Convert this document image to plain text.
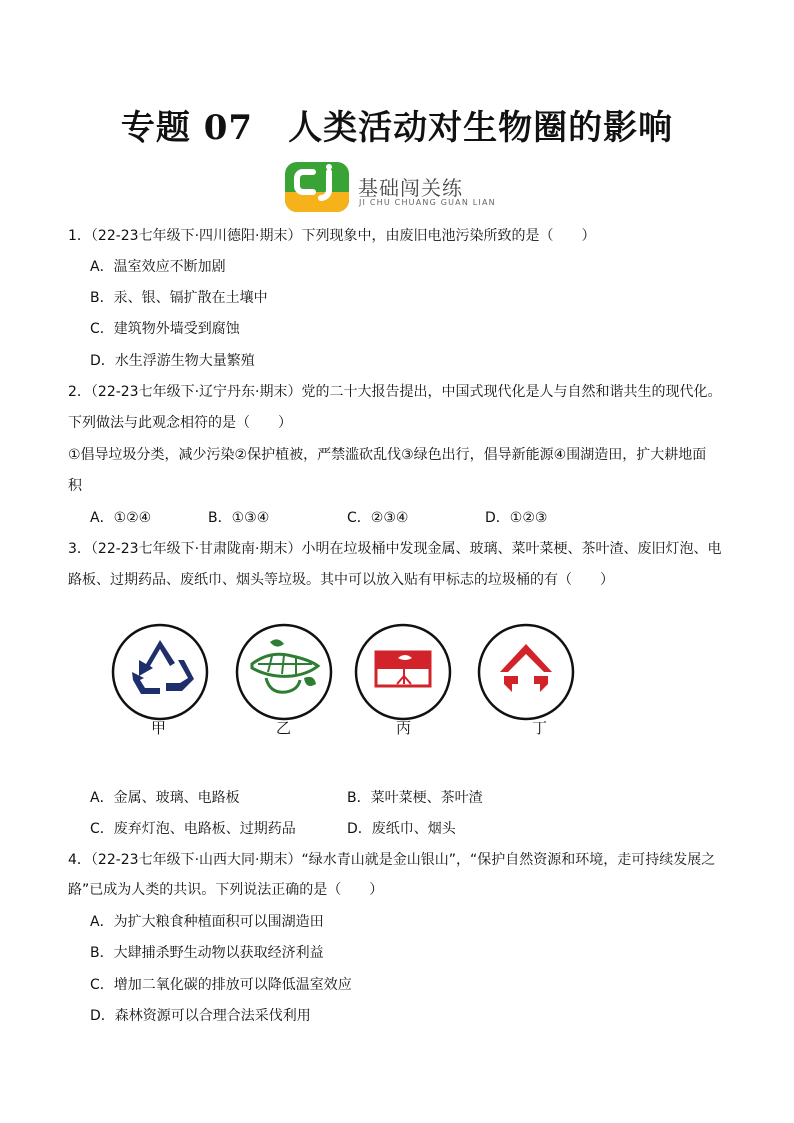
专题 07　人类活动对生物圈的影响
基础闯关练
JI CHU CHUANG GUAN LIAN
1．（22-23七年级下·四川德阳·期末）下列现象中，由废旧电池污染所致的是（　　）
A．温室效应不断加剧
B．汞、银、镉扩散在土壤中
C．建筑物外墙受到腐蚀
D．水生浮游生物大量繁殖
2．（22-23七年级下·辽宁丹东·期末）党的二十大报告提出，中国式现代化是人与自然和谐共生的现代化。
下列做法与此观念相符的是（　　）
①倡导垃圾分类，减少污染②保护植被，严禁滥砍乱伐③绿色出行，倡导新能源④围湖造田，扩大耕地面
积
A．①②④	B．①③④	C．②③④	D．①②③
3．（22-23七年级下·甘肃陇南·期末）小明在垃圾桶中发现金属、玻璃、菜叶菜梗、茶叶渣、废旧灯泡、电
路板、过期药品、废纸巾、烟头等垃圾。其中可以放入贴有甲标志的垃圾桶的有（　　）
甲	乙	丙	丁
A．金属、玻璃、电路板	B．菜叶菜梗、茶叶渣
C．废弃灯泡、电路板、过期药品	D．废纸巾、烟头
4．（22-23七年级下·山西大同·期末）“绿水青山就是金山银山”，“保护自然资源和环境，走可持续发展之
路”已成为人类的共识。下列说法正确的是（　　）
A．为扩大粮食种植面积可以围湖造田
B．大肆捕杀野生动物以获取经济利益
C．增加二氧化碳的排放可以降低温室效应
D．森林资源可以合理合法采伐利用
